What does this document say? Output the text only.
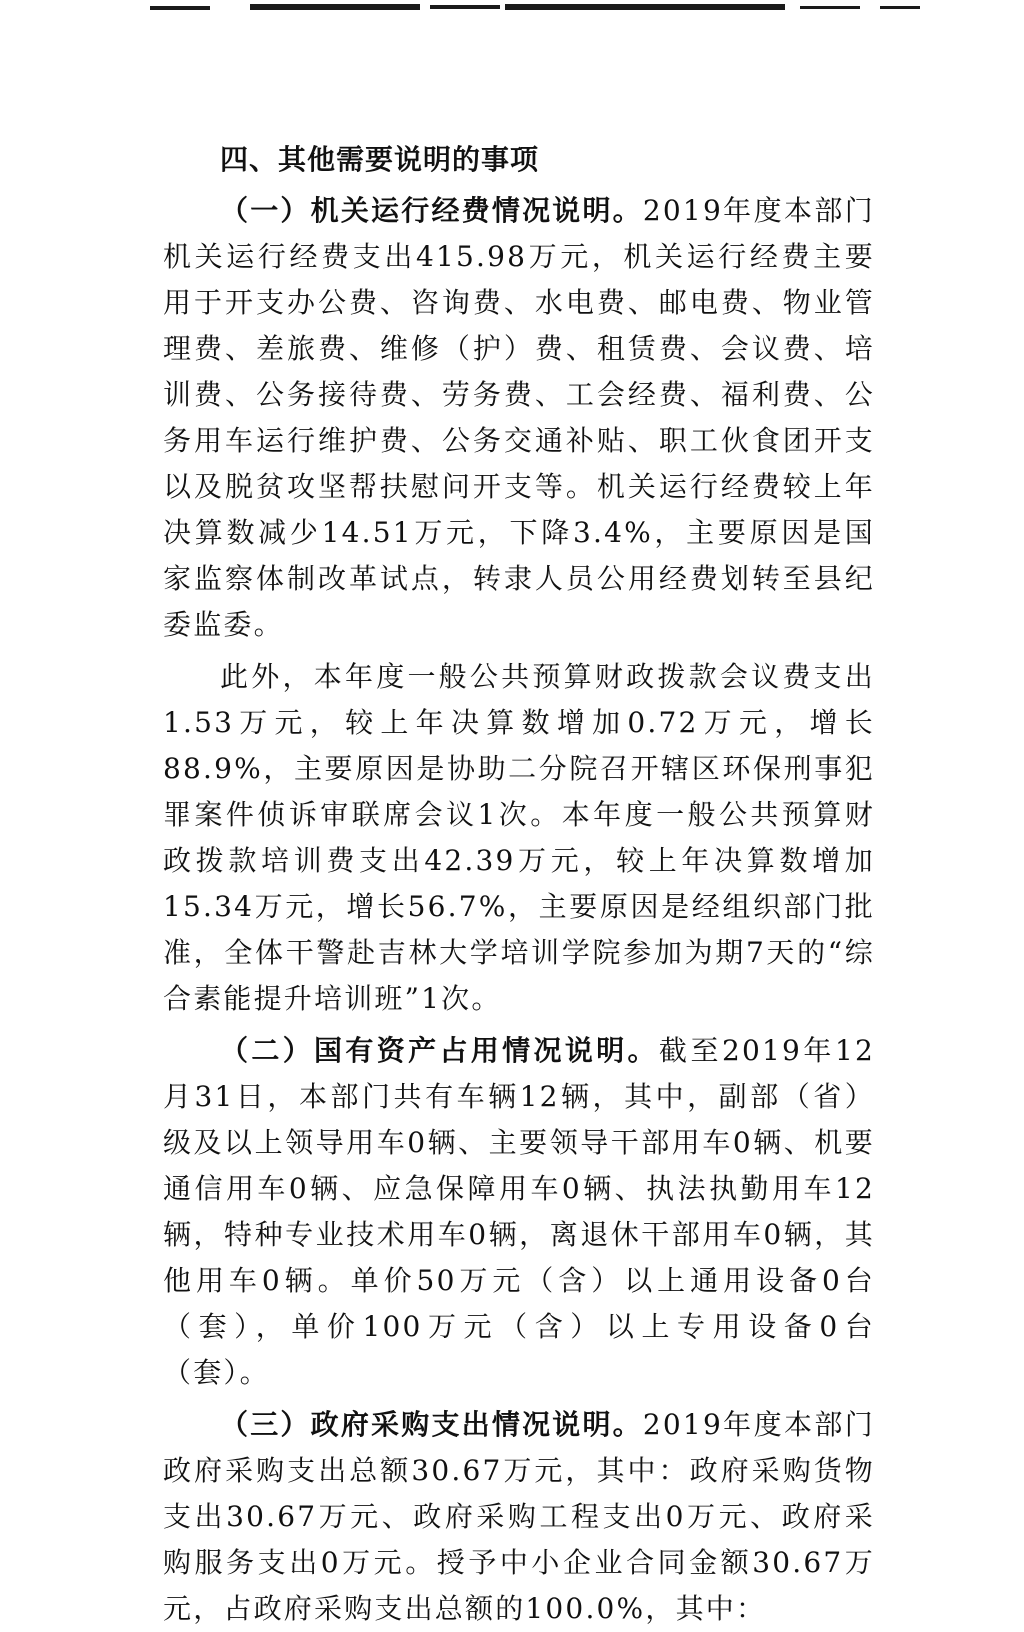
四、其他需要说明的事项

（一）机关运行经费情况说明。2019年度本部门机关运行经费支出415.98万元，机关运行经费主要用于开支办公费、咨询费、水电费、邮电费、物业管理费、差旅费、维修（护）费、租赁费、会议费、培训费、公务接待费、劳务费、工会经费、福利费、公务用车运行维护费、公务交通补贴、职工伙食团开支以及脱贫攻坚帮扶慰问开支等。机关运行经费较上年决算数减少14.51万元，下降3.4%，主要原因是国家监察体制改革试点，转隶人员公用经费划转至县纪委监委。

此外，本年度一般公共预算财政拨款会议费支出1.53万元，较上年决算数增加0.72万元，增长88.9%，主要原因是协助二分院召开辖区环保刑事犯罪案件侦诉审联席会议1次。本年度一般公共预算财政拨款培训费支出42.39万元，较上年决算数增加15.34万元，增长56.7%，主要原因是经组织部门批准，全体干警赴吉林大学培训学院参加为期7天的“综合素能提升培训班”1次。

（二）国有资产占用情况说明。截至2019年12月31日，本部门共有车辆12辆，其中，副部（省）级及以上领导用车0辆、主要领导干部用车0辆、机要通信用车0辆、应急保障用车0辆、执法执勤用车12辆，特种专业技术用车0辆，离退休干部用车0辆，其他用车0辆。单价50万元（含）以上通用设备0台（套），单价100万元（含）以上专用设备0台（套）。

（三）政府采购支出情况说明。2019年度本部门政府采购支出总额30.67万元，其中：政府采购货物支出30.67万元、政府采购工程支出0万元、政府采购服务支出0万元。授予中小企业合同金额30.67万元，占政府采购支出总额的100.0%，其中：
